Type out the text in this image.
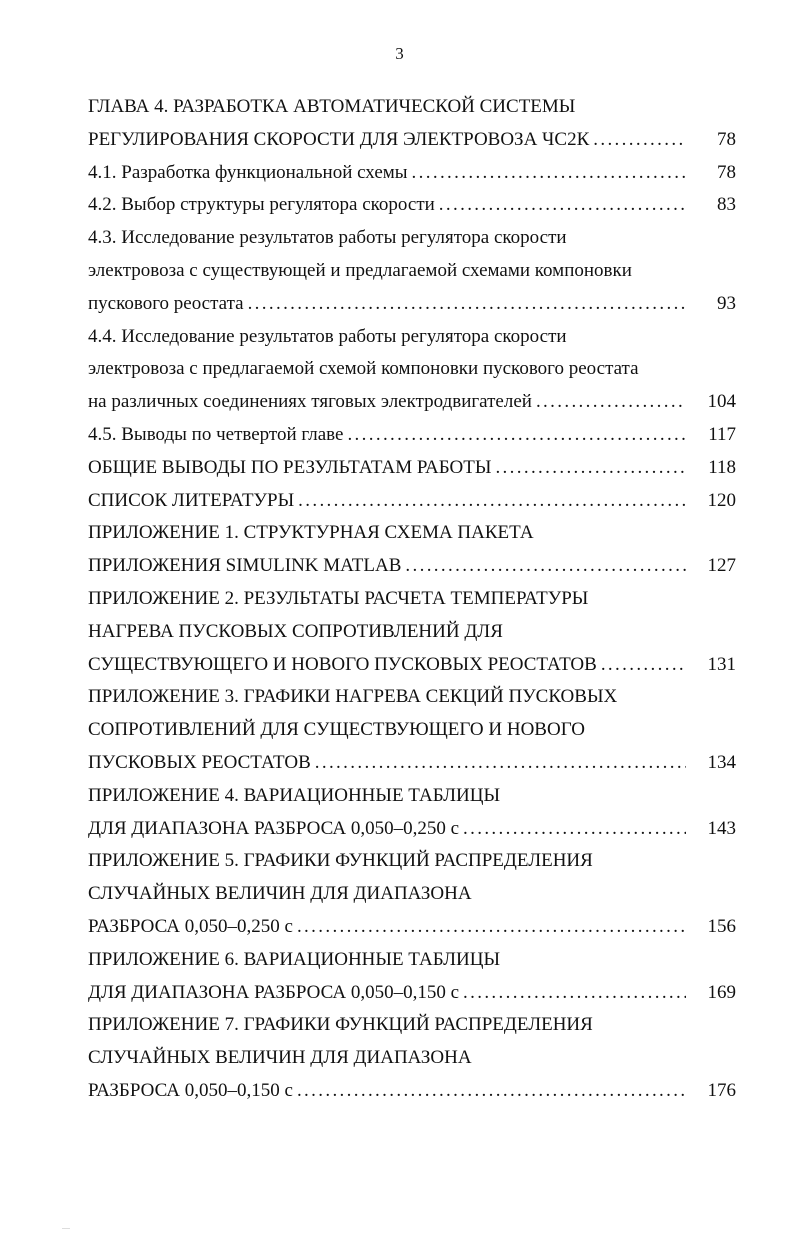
3
ГЛАВА 4. РАЗРАБОТКА АВТОМАТИЧЕСКОЙ СИСТЕМЫ
РЕГУЛИРОВАНИЯ СКОРОСТИ ДЛЯ ЭЛЕКТРОВОЗА ЧС2К . . .	78
4.1. Разработка функциональной схемы . . .	78
4.2. Выбор структуры регулятора скорости . . .	83
4.3. Исследование результатов работы регулятора скорости
электровоза с существующей и предлагаемой схемами компоновки
пускового реостата . . .	93
4.4. Исследование результатов работы регулятора скорости
электровоза с предлагаемой схемой компоновки пускового реостата
на различных соединениях тяговых электродвигателей . . .	104
4.5. Выводы по четвертой главе . . .	117
ОБЩИЕ ВЫВОДЫ ПО РЕЗУЛЬТАТАМ РАБОТЫ . . .	118
СПИСОК ЛИТЕРАТУРЫ . . .	120
ПРИЛОЖЕНИЕ 1. СТРУКТУРНАЯ СХЕМА ПАКЕТА
ПРИЛОЖЕНИЯ SIMULINK MATLAB . . .	127
ПРИЛОЖЕНИЕ 2. РЕЗУЛЬТАТЫ РАСЧЕТА ТЕМПЕРАТУРЫ
НАГРЕВА ПУСКОВЫХ СОПРОТИВЛЕНИЙ ДЛЯ
СУЩЕСТВУЮЩЕГО И НОВОГО ПУСКОВЫХ РЕОСТАТОВ . . .	131
ПРИЛОЖЕНИЕ 3. ГРАФИКИ НАГРЕВА СЕКЦИЙ ПУСКОВЫХ
СОПРОТИВЛЕНИЙ ДЛЯ СУЩЕСТВУЮЩЕГО И НОВОГО
ПУСКОВЫХ РЕОСТАТОВ . . .	134
ПРИЛОЖЕНИЕ 4. ВАРИАЦИОННЫЕ ТАБЛИЦЫ
ДЛЯ ДИАПАЗОНА РАЗБРОСА 0,050–0,250 с . . .	143
ПРИЛОЖЕНИЕ 5. ГРАФИКИ ФУНКЦИЙ РАСПРЕДЕЛЕНИЯ
СЛУЧАЙНЫХ ВЕЛИЧИН ДЛЯ ДИАПАЗОНА
РАЗБРОСА 0,050–0,250 с . . .	156
ПРИЛОЖЕНИЕ 6. ВАРИАЦИОННЫЕ ТАБЛИЦЫ
ДЛЯ ДИАПАЗОНА РАЗБРОСА 0,050–0,150 с . . .	169
ПРИЛОЖЕНИЕ 7. ГРАФИКИ ФУНКЦИЙ РАСПРЕДЕЛЕНИЯ
СЛУЧАЙНЫХ ВЕЛИЧИН ДЛЯ ДИАПАЗОНА
РАЗБРОСА 0,050–0,150 с . . .	176
